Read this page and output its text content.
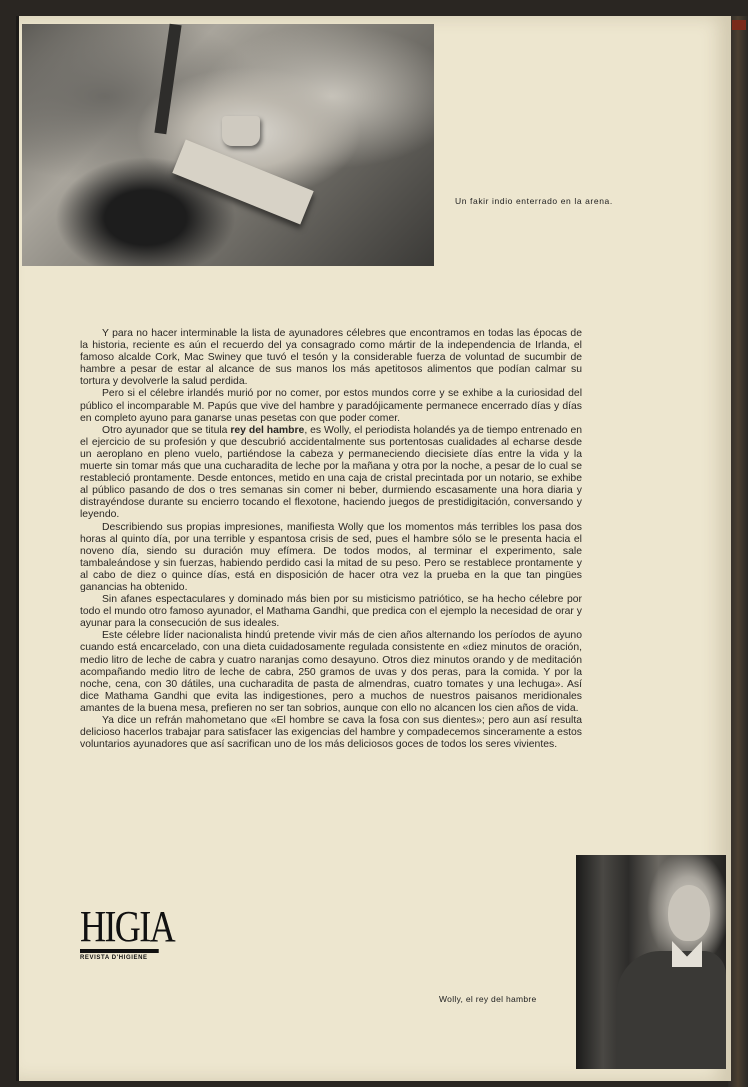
Un fakir indio enterrado en la arena.

Y para no hacer interminable la lista de ayunadores célebres que encontramos en todas las épocas de la historia, reciente es aún el recuerdo del ya consagrado como mártir de la independencia de Irlanda, el famoso alcalde Cork, Mac Swiney que tuvó el tesón y la considerable fuerza de voluntad de sucumbir de hambre a pesar de estar al alcance de sus manos los más apetitosos alimentos que podían calmar su tortura y devolverle la salud perdida.

Pero si el célebre irlandés murió por no comer, por estos mundos corre y se exhibe a la curiosidad del público el incomparable M. Papús que vive del hambre y paradójicamente permanece encerrado días y días en completo ayuno para ganarse unas pesetas con que poder comer.

Otro ayunador que se titula rey del hambre, es Wolly, el periodista holandés ya de tiempo entrenado en el ejercicio de su profesión y que descubrió accidentalmente sus portentosas cualidades al echarse desde un aeroplano en pleno vuelo, partiéndose la cabeza y permaneciendo diecisiete días entre la vida y la muerte sin tomar más que una cucharadita de leche por la mañana y otra por la noche, a pesar de lo cual se restableció prontamente. Desde entonces, metido en una caja de cristal precintada por un notario, se exhibe al público pasando de dos o tres semanas sin comer ni beber, durmiendo escasamente una hora diaria y distrayéndose durante su encierro tocando el flexotone, haciendo juegos de prestidigitación, conversando y leyendo.

Describiendo sus propias impresiones, manifiesta Wolly que los momentos más terribles los pasa dos horas al quinto día, por una terrible y espantosa crisis de sed, pues el hambre sólo se le presenta hacia el noveno día, siendo su duración muy efímera. De todos modos, al terminar el experimento, sale tambaleándose y sin fuerzas, habiendo perdido casi la mitad de su peso. Pero se restablece prontamente y al cabo de diez o quince días, está en disposición de hacer otra vez la prueba en la que tan pingües ganancias ha obtenido.

Sin afanes espectaculares y dominado más bien por su misticismo patriótico, se ha hecho célebre por todo el mundo otro famoso ayunador, el Mathama Gandhi, que predica con el ejemplo la necesidad de orar y ayunar para la consecución de sus ideales.

Este célebre líder nacionalista hindú pretende vivir más de cien años alternando los períodos de ayuno cuando está encarcelado, con una dieta cuidadosamente regulada consistente en «diez minutos de oración, medio litro de leche de cabra y cuatro naranjas como desayuno. Otros diez minutos orando y de meditación acompañando medio litro de leche de cabra, 250 gramos de uvas y dos peras, para la comida. Y por la noche, cena, con 30 dátiles, una cucharadita de pasta de almendras, cuatro tomates y una lechuga». Así dice Mathama Gandhi que evita las indigestiones, pero a muchos de nuestros paisanos meridionales amantes de la buena mesa, prefieren no ser tan sobrios, aunque con ello no alcancen los cien años de vida.

Ya dice un refrán mahometano que «El hombre se cava la fosa con sus dientes»; pero aun así resulta delicioso hacerlos trabajar para satisfacer las exigencias del hambre y compadecemos sinceramente a estos voluntarios ayunadores que así sacrifican uno de los más deliciosos goces de todos los seres vivientes.

HIGIA
REVISTA D'HIGIENE
Wolly, el rey del hambre
